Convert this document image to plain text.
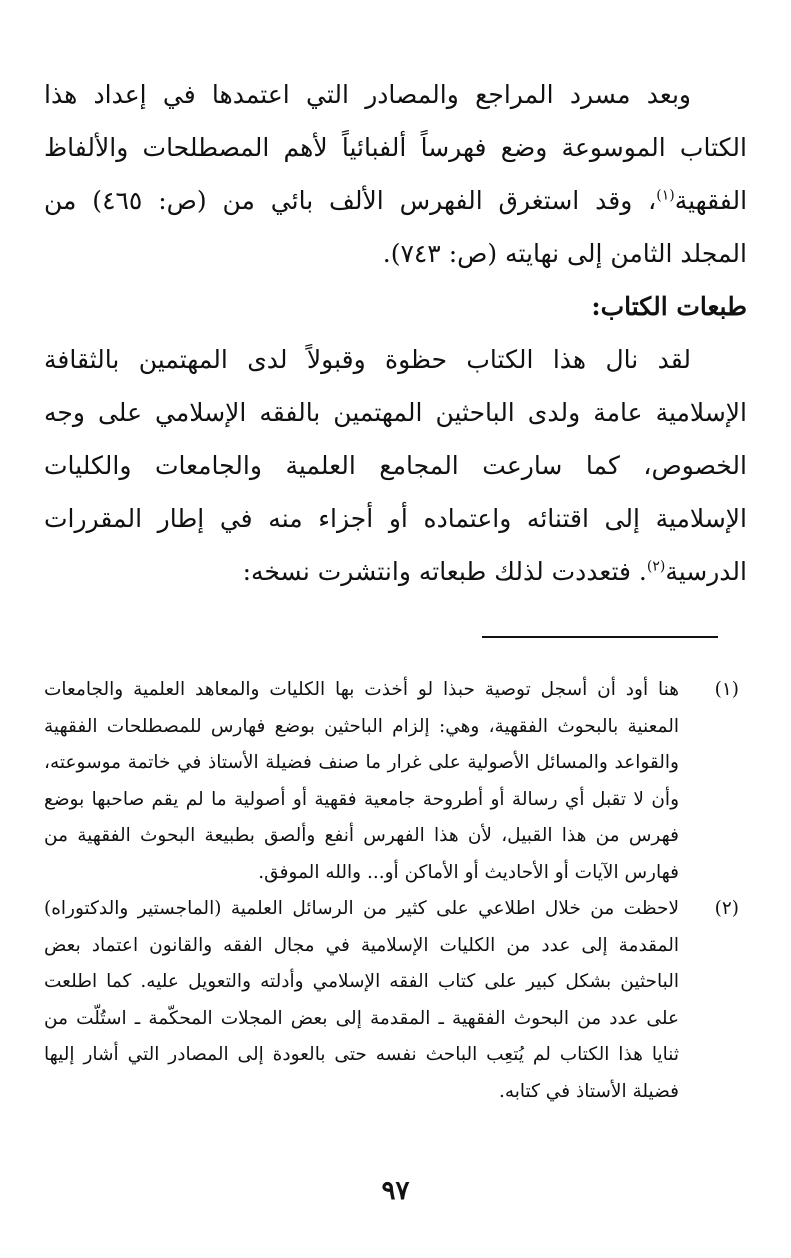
وبعد مسرد المراجع والمصادر التي اعتمدها في إعداد هذا الكتاب الموسوعة وضع فهرساً ألفبائياً لأهم المصطلحات والألفاظ الفقهية$^{(١)}$، وقد استغرق الفهرس الألف بائي من (ص: ٤٦٥) من المجلد الثامن إلى نهايته (ص: ٧٤٣).

طبعات الكتاب:

لقد نال هذا الكتاب حظوة وقبولاً لدى المهتمين بالثقافة الإسلامية عامة ولدى الباحثين المهتمين بالفقه الإسلامي على وجه الخصوص، كما سارعت المجامع العلمية والجامعات والكليات الإسلامية إلى اقتنائه واعتماده أو أجزاء منه في إطار المقررات الدرسية$^{(٢)}$. فتعددت لذلك طبعاته وانتشرت نسخه:

(١)
هنا أود أن أسجل توصية حبذا لو أخذت بها الكليات والمعاهد العلمية والجامعات المعنية بالبحوث الفقهية، وهي: إلزام الباحثين بوضع فهارس للمصطلحات الفقهية والقواعد والمسائل الأصولية على غرار ما صنف فضيلة الأستاذ في خاتمة موسوعته، وأن لا تقبل أي رسالة أو أطروحة جامعية فقهية أو أصولية ما لم يقم صاحبها بوضع فهرس من هذا القبيل، لأن هذا الفهرس أنفع وألصق بطبيعة البحوث الفقهية من فهارس الآيات أو الأحاديث أو الأماكن أو... والله الموفق.
(٢)
لاحظت من خلال اطلاعي على كثير من الرسائل العلمية (الماجستير والدكتوراه) المقدمة إلى عدد من الكليات الإسلامية في مجال الفقه والقانون اعتماد بعض الباحثين بشكل كبير على كتاب الفقه الإسلامي وأدلته والتعويل عليه. كما اطلعت على عدد من البحوث الفقهية ـ المقدمة إلى بعض المجلات المحكّمة ـ استُلّت من ثنايا هذا الكتاب لم يُتعِب الباحث نفسه حتى بالعودة إلى المصادر التي أشار إليها فضيلة الأستاذ في كتابه.
٩٧
